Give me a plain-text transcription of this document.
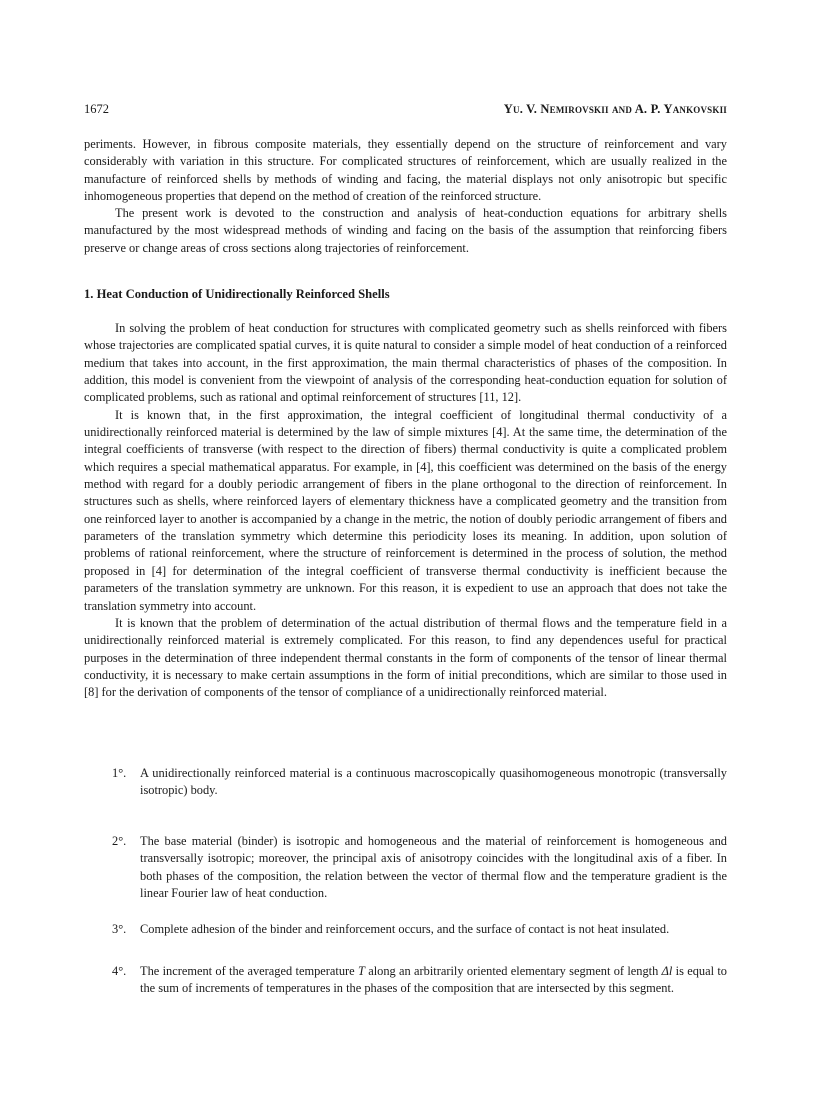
1672	Yu. V. Nemirovskii and A. P. Yankovskii

periments. However, in fibrous composite materials, they essentially depend on the structure of reinforcement and vary considerably with variation in this structure. For complicated structures of reinforcement, which are usually realized in the manufacture of reinforced shells by methods of winding and facing, the material displays not only anisotropic but specific inhomogeneous properties that depend on the method of creation of the reinforced structure.

The present work is devoted to the construction and analysis of heat-conduction equations for arbitrary shells manufactured by the most widespread methods of winding and facing on the basis of the assumption that reinforcing fibers preserve or change areas of cross sections along trajectories of reinforcement.

1. Heat Conduction of Unidirectionally Reinforced Shells

In solving the problem of heat conduction for structures with complicated geometry such as shells reinforced with fibers whose trajectories are complicated spatial curves, it is quite natural to consider a simple model of heat conduction of a reinforced medium that takes into account, in the first approximation, the main thermal characteristics of phases of the composition. In addition, this model is convenient from the viewpoint of analysis of the corresponding heat-conduction equation for solution of complicated problems, such as rational and optimal reinforcement of structures [11, 12].

It is known that, in the first approximation, the integral coefficient of longitudinal thermal conductivity of a unidirectionally reinforced material is determined by the law of simple mixtures [4]. At the same time, the determination of the integral coefficients of transverse (with respect to the direction of fibers) thermal conductivity is quite a complicated problem which requires a special mathematical apparatus. For example, in [4], this coefficient was determined on the basis of the energy method with regard for a doubly periodic arrangement of fibers in the plane orthogonal to the direction of reinforcement. In structures such as shells, where reinforced layers of elementary thickness have a complicated geometry and the transition from one reinforced layer to another is accompanied by a change in the metric, the notion of doubly periodic arrangement of fibers and parameters of the translation symmetry which determine this periodicity loses its meaning. In addition, upon solution of problems of rational reinforcement, where the structure of reinforcement is determined in the process of solution, the method proposed in [4] for determination of the integral coefficient of transverse thermal conductivity is inefficient because the parameters of the translation symmetry are unknown. For this reason, it is expedient to use an approach that does not take the translation symmetry into account.

It is known that the problem of determination of the actual distribution of thermal flows and the temperature field in a unidirectionally reinforced material is extremely complicated. For this reason, to find any dependences useful for practical purposes in the determination of three independent thermal constants in the form of components of the tensor of linear thermal conductivity, it is necessary to make certain assumptions in the form of initial preconditions, which are similar to those used in [8] for the derivation of components of the tensor of compliance of a unidirectionally reinforced material.

1°.	A unidirectionally reinforced material is a continuous macroscopically quasihomogeneous monotropic (transversally isotropic) body.
2°.	The base material (binder) is isotropic and homogeneous and the material of reinforcement is homogeneous and transversally isotropic; moreover, the principal axis of anisotropy coincides with the longitudinal axis of a fiber. In both phases of the composition, the relation between the vector of thermal flow and the temperature gradient is the linear Fourier law of heat conduction.
3°.	Complete adhesion of the binder and reinforcement occurs, and the surface of contact is not heat insulated.
4°.	The increment of the averaged temperature T along an arbitrarily oriented elementary segment of length Δl is equal to the sum of increments of temperatures in the phases of the composition that are intersected by this segment.
